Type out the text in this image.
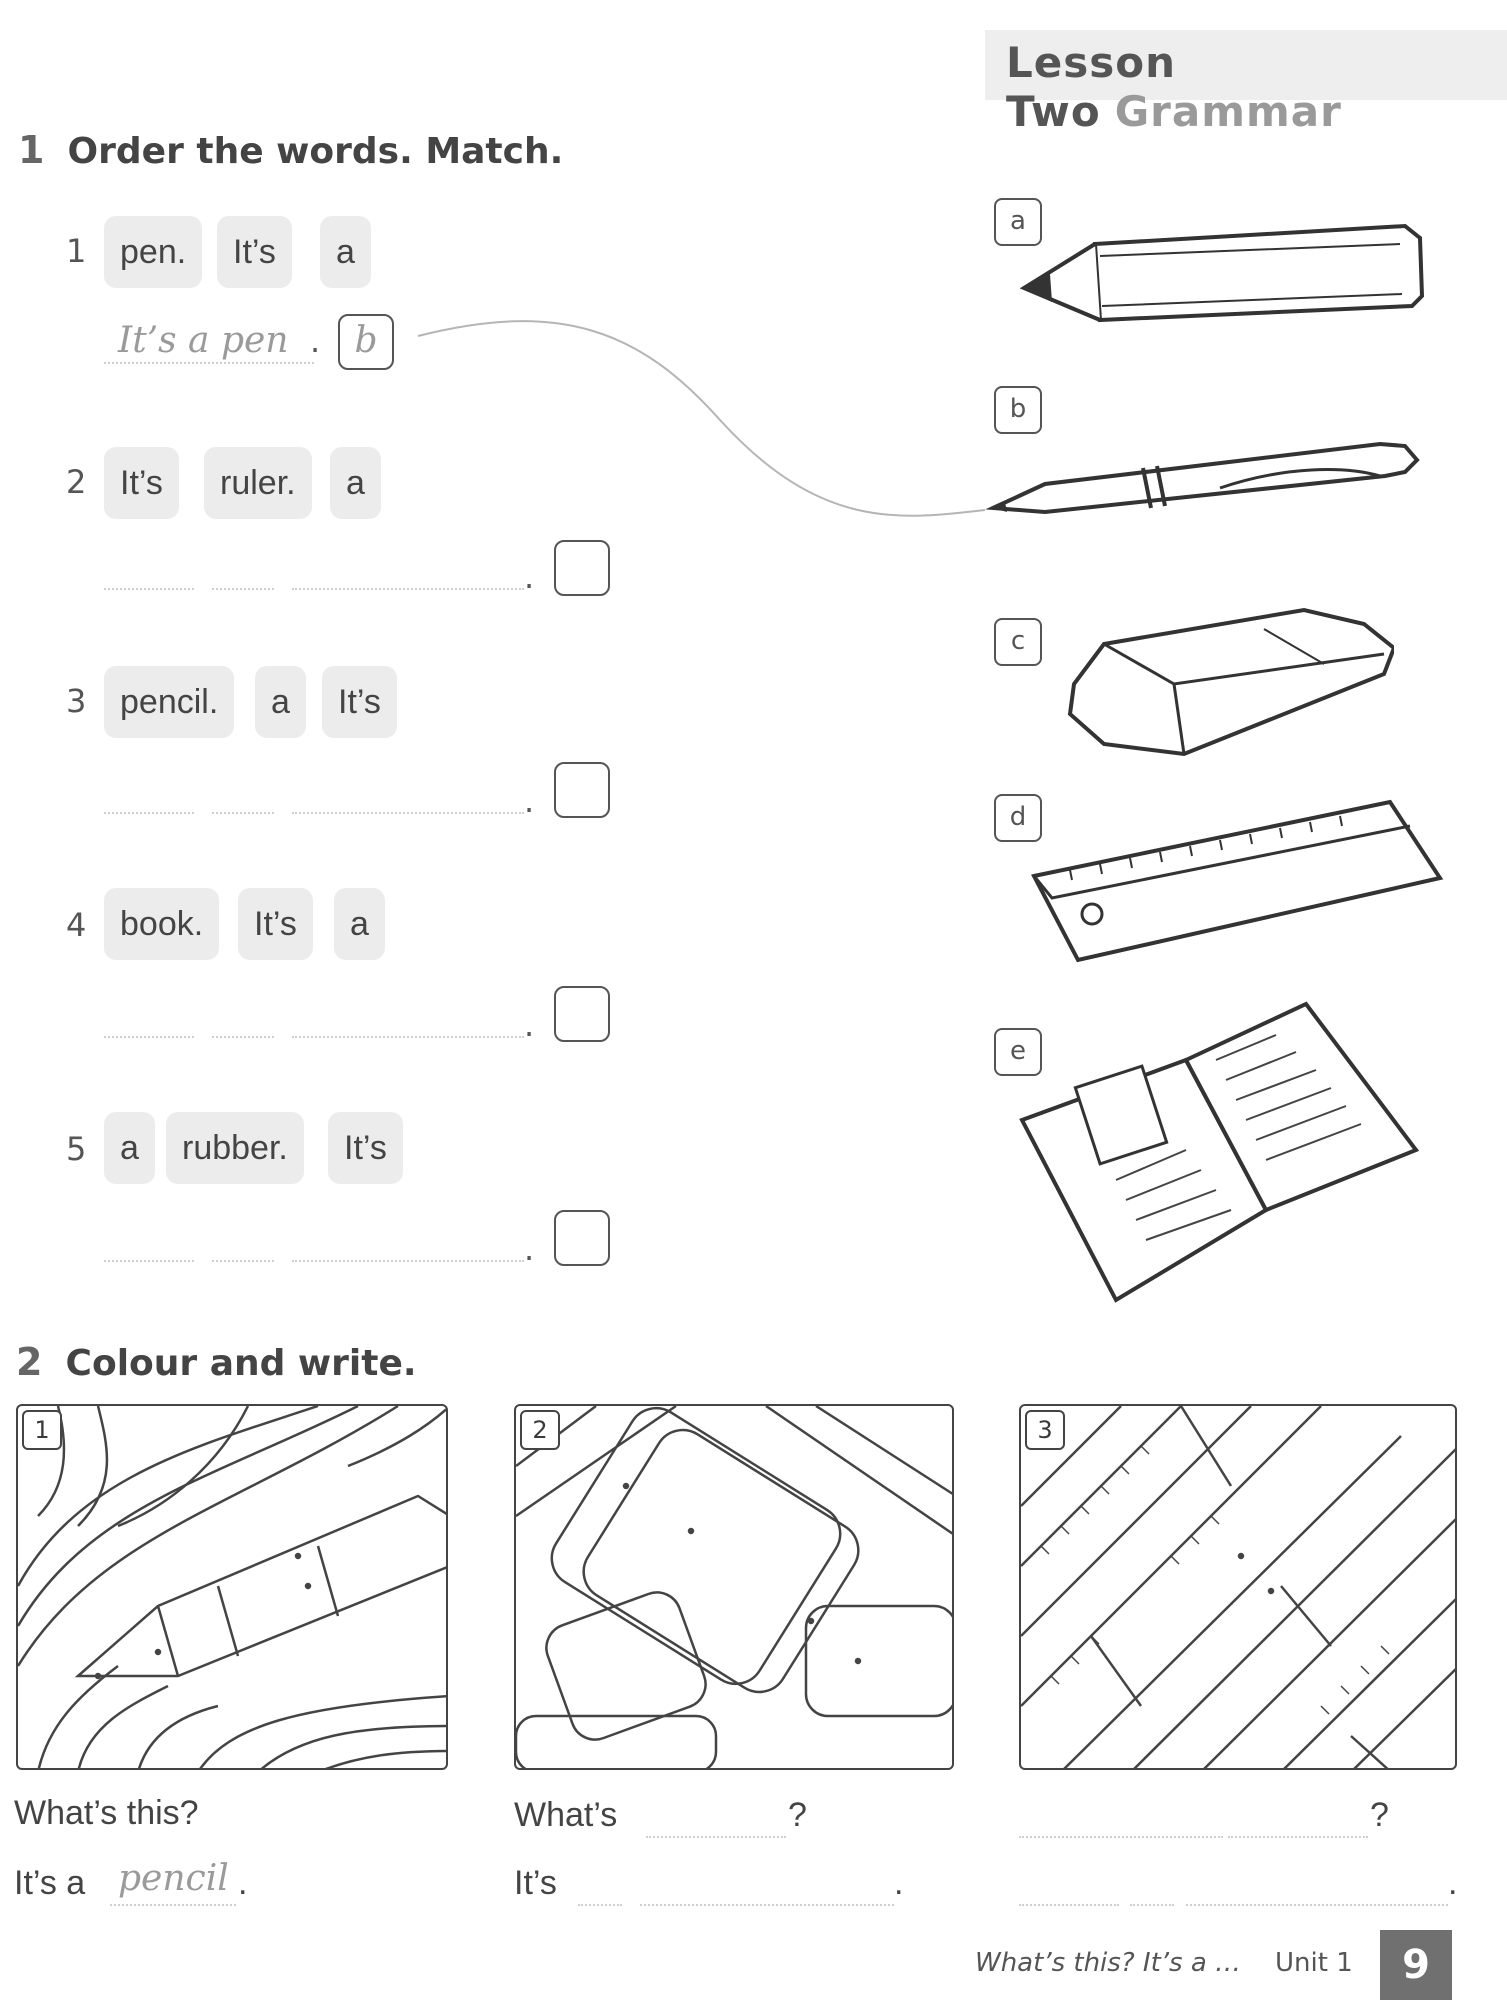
Lesson Two Grammar
1 Order the words. Match.
1 pen.	It’s	a
It’s a pen . b
2 It’s	ruler.	a
.
3 pencil.	a	It’s
.
4 book.	It’s	a
.
5 a	rubber.	It’s
.
a
b
c
d
e
2 Colour and write.
1	2	3
What’s this?
It’s a pencil .
What’s	?
It’s	.
?
.
What’s this? It’s a … Unit 1	9
